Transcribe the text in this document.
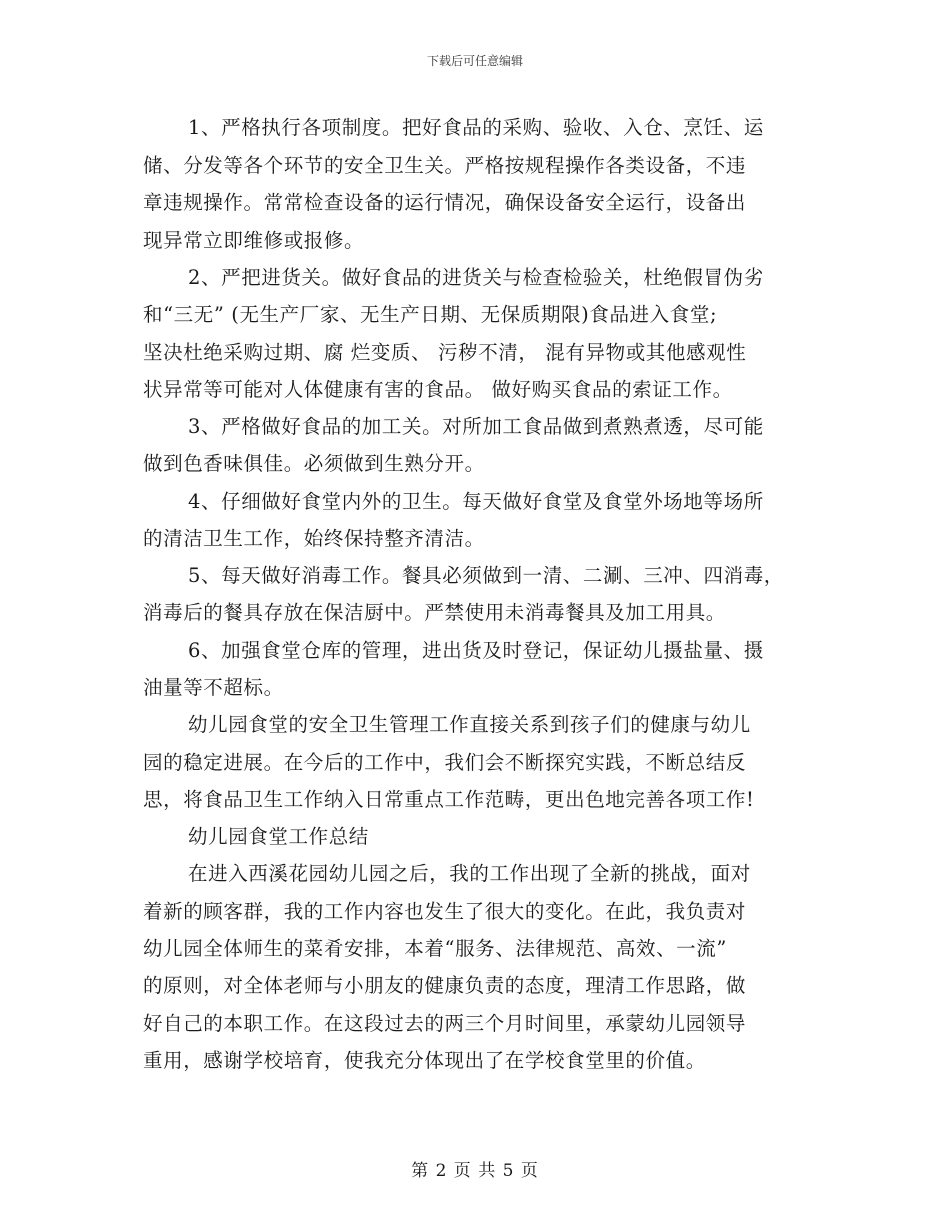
下载后可任意编辑
1、严格执行各项制度。把好食品的采购、验收、入仓、烹饪、运
储、分发等各个环节的安全卫生关。严格按规程操作各类设备，不违
章违规操作。常常检查设备的运行情况，确保设备安全运行，设备出
现异常立即维修或报修。
2、严把进货关。做好食品的进货关与检查检验关，杜绝假冒伪劣
和“三无” (无生产厂家、无生产日期、无保质期限)食品进入食堂;
坚决杜绝采购过期、腐 烂变质、 污秽不清， 混有异物或其他感观性
状异常等可能对人体健康有害的食品。 做好购买食品的索证工作。
3、严格做好食品的加工关。对所加工食品做到煮熟煮透，尽可能
做到色香味俱佳。必须做到生熟分开。
4、仔细做好食堂内外的卫生。每天做好食堂及食堂外场地等场所
的清洁卫生工作，始终保持整齐清洁。
5、每天做好消毒工作。餐具必须做到一清、二涮、三冲、四消毒，
消毒后的餐具存放在保洁厨中。严禁使用未消毒餐具及加工用具。
6、加强食堂仓库的管理，进出货及时登记，保证幼儿摄盐量、摄
油量等不超标。
幼儿园食堂的安全卫生管理工作直接关系到孩子们的健康与幼儿
园的稳定进展。在今后的工作中，我们会不断探究实践，不断总结反
思，将食品卫生工作纳入日常重点工作范畴，更出色地完善各项工作!
幼儿园食堂工作总结
在进入西溪花园幼儿园之后，我的工作出现了全新的挑战，面对
着新的顾客群，我的工作内容也发生了很大的变化。在此，我负责对
幼儿园全体师生的菜肴安排，本着“服务、法律规范、高效、一流”
的原则，对全体老师与小朋友的健康负责的态度，理清工作思路，做
好自己的本职工作。在这段过去的两三个月时间里，承蒙幼儿园领导
重用，感谢学校培育，使我充分体现出了在学校食堂里的价值。
第 2 页 共 5 页
